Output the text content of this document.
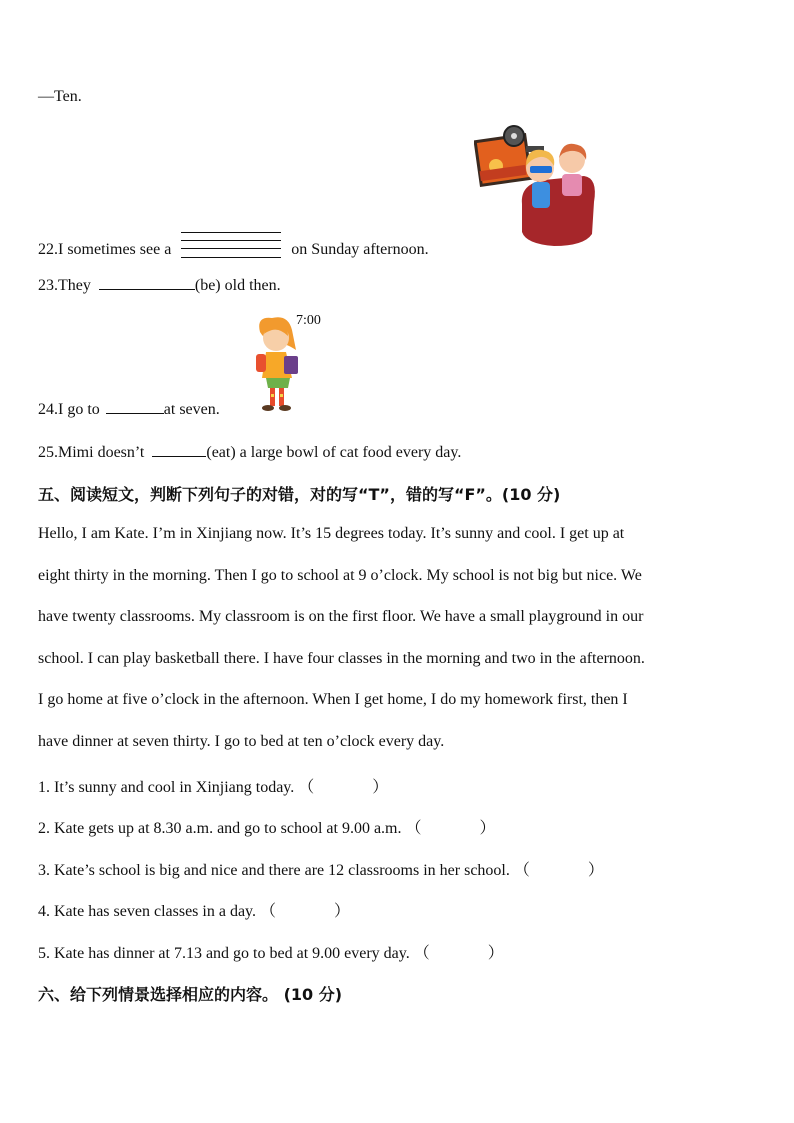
—Ten.
22.I sometimes see a	on Sunday afternoon.
23.They	(be) old then.
7:00
24.I go to	at seven.
25.Mimi doesn’t	(eat) a large bowl of cat food every day.
五、阅读短文，判断下列句子的对错，对的写“T”，错的写“F”。(10 分)
Hello, I am Kate. I’m in Xinjiang now. It’s 15 degrees today. It’s sunny and cool. I get up at
eight thirty in the morning. Then I go to school at 9 o’clock. My school is not big but nice. We
have twenty classrooms. My classroom is on the first floor. We have a small playground in our
school. I can play basketball there. I have four classes in the morning and two in the afternoon.
I go home at five o’clock in the afternoon. When I get home, I do my homework first, then I
have dinner at seven thirty. I go to bed at ten o’clock every day.
1. It’s sunny and cool in Xinjiang today. （	）
2. Kate gets up at 8.30 a.m. and go to school at 9.00 a.m. （	）
3. Kate’s school is big and nice and there are 12 classrooms in her school. （	）
4. Kate has seven classes in a day. （	）
5. Kate has dinner at 7.13 and go to bed at 9.00 every day. （	）
六、给下列情景选择相应的内容。 (10 分)
